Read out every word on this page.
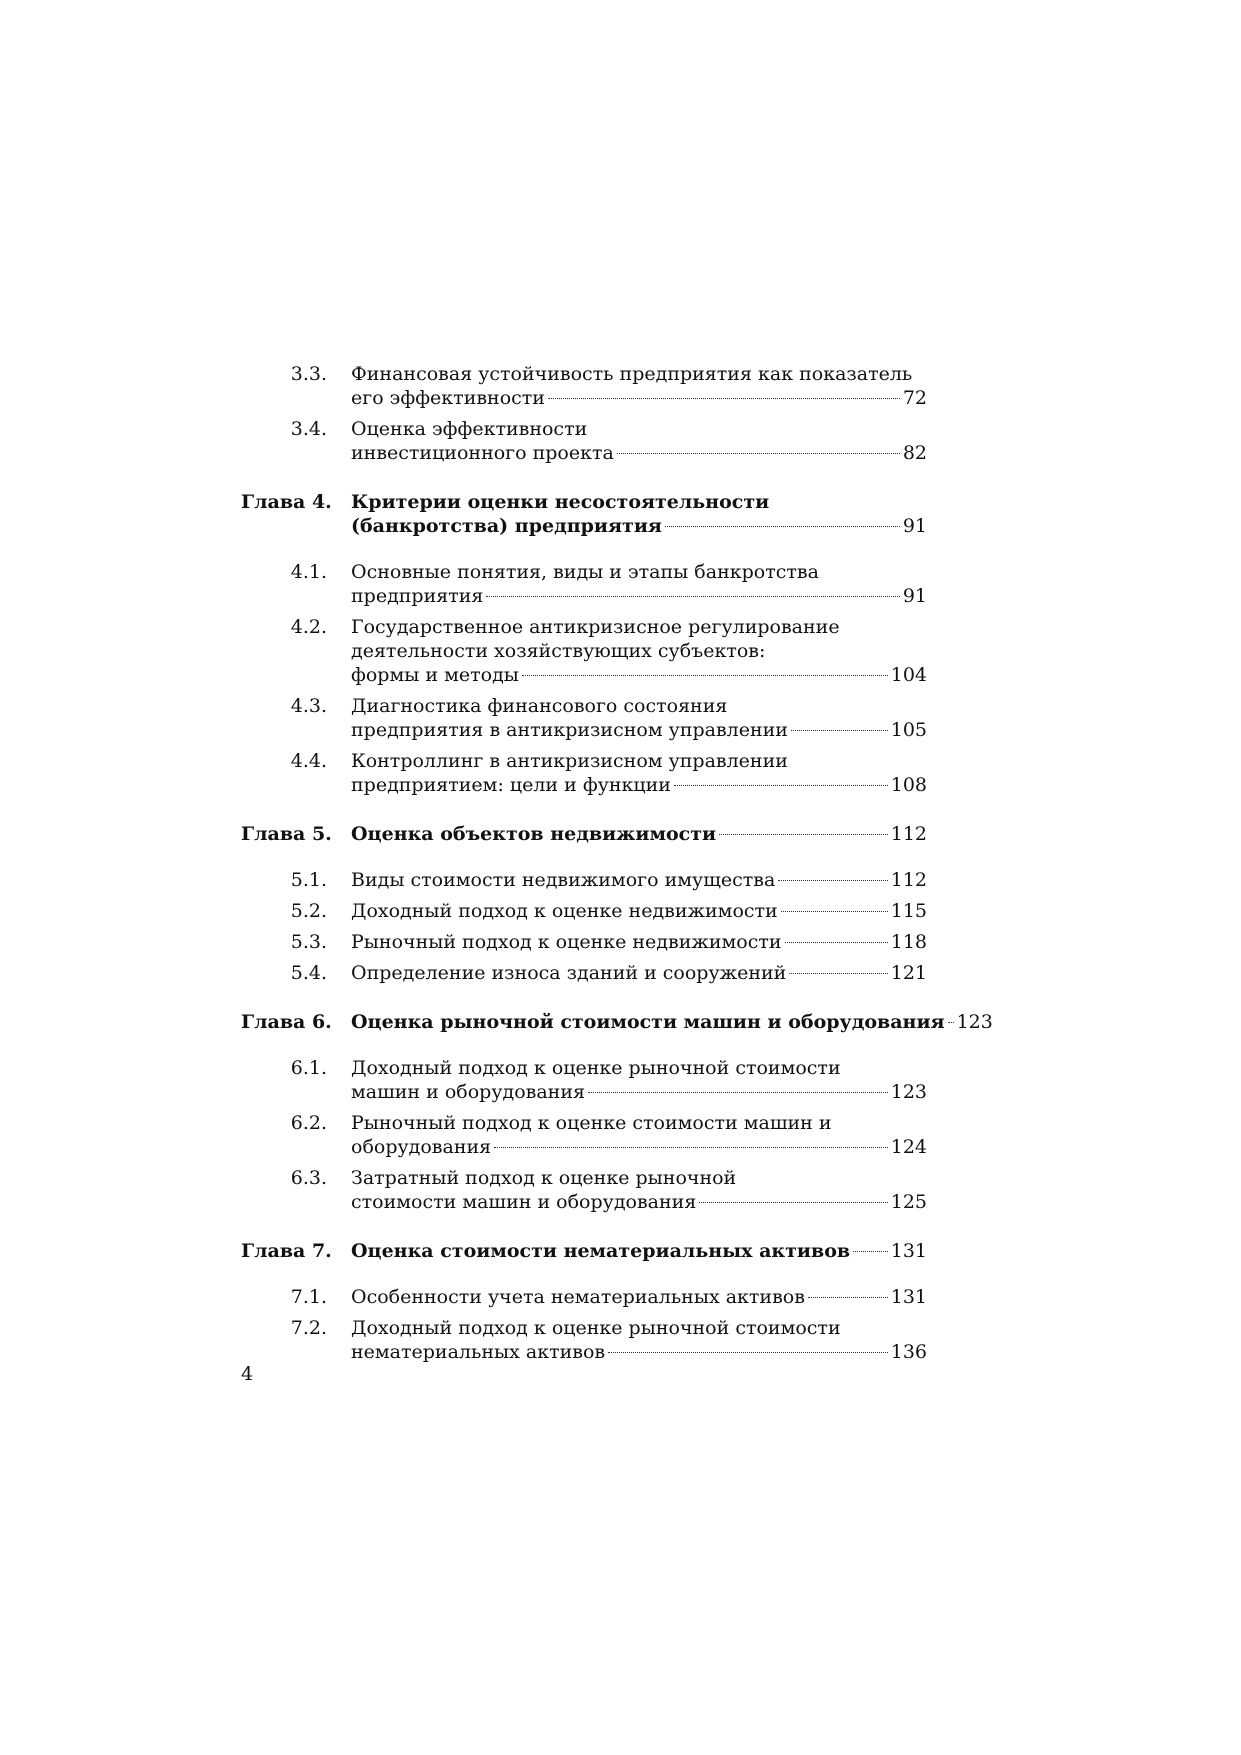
3.3. Финансовая устойчивость предприятия как показатель
его эффективности	72
3.4. Оценка эффективности
инвестиционного проекта	82
Глава 4.	Критерии оценки несостоятельности
(банкротства) предприятия	91
4.1. Основные понятия, виды и этапы банкротства
предприятия	91
4.2. Государственное антикризисное регулирование
деятельности хозяйствующих субъектов:
формы и методы	104
4.3. Диагностика финансового состояния
предприятия в антикризисном управлении	105
4.4. Контроллинг в антикризисном управлении
предприятием: цели и функции	108
Глава 5.	Оценка объектов недвижимости	112
5.1. Виды стоимости недвижимого имущества	112
5.2. Доходный подход к оценке недвижимости	115
5.3. Рыночный подход к оценке недвижимости	118
5.4. Определение износа зданий и сооружений	121
Глава 6.	Оценка рыночной стоимости машин и оборудования 123
6.1. Доходный подход к оценке рыночной стоимости
машин и оборудования	123
6.2. Рыночный подход к оценке стоимости машин и
оборудования	124
6.3. Затратный подход к оценке рыночной
стоимости машин и оборудования	125
Глава 7.	Оценка стоимости нематериальных активов 131
7.1. Особенности учета нематериальных активов	131
7.2. Доходный подход к оценке рыночной стоимости
нематериальных активов	136
4
